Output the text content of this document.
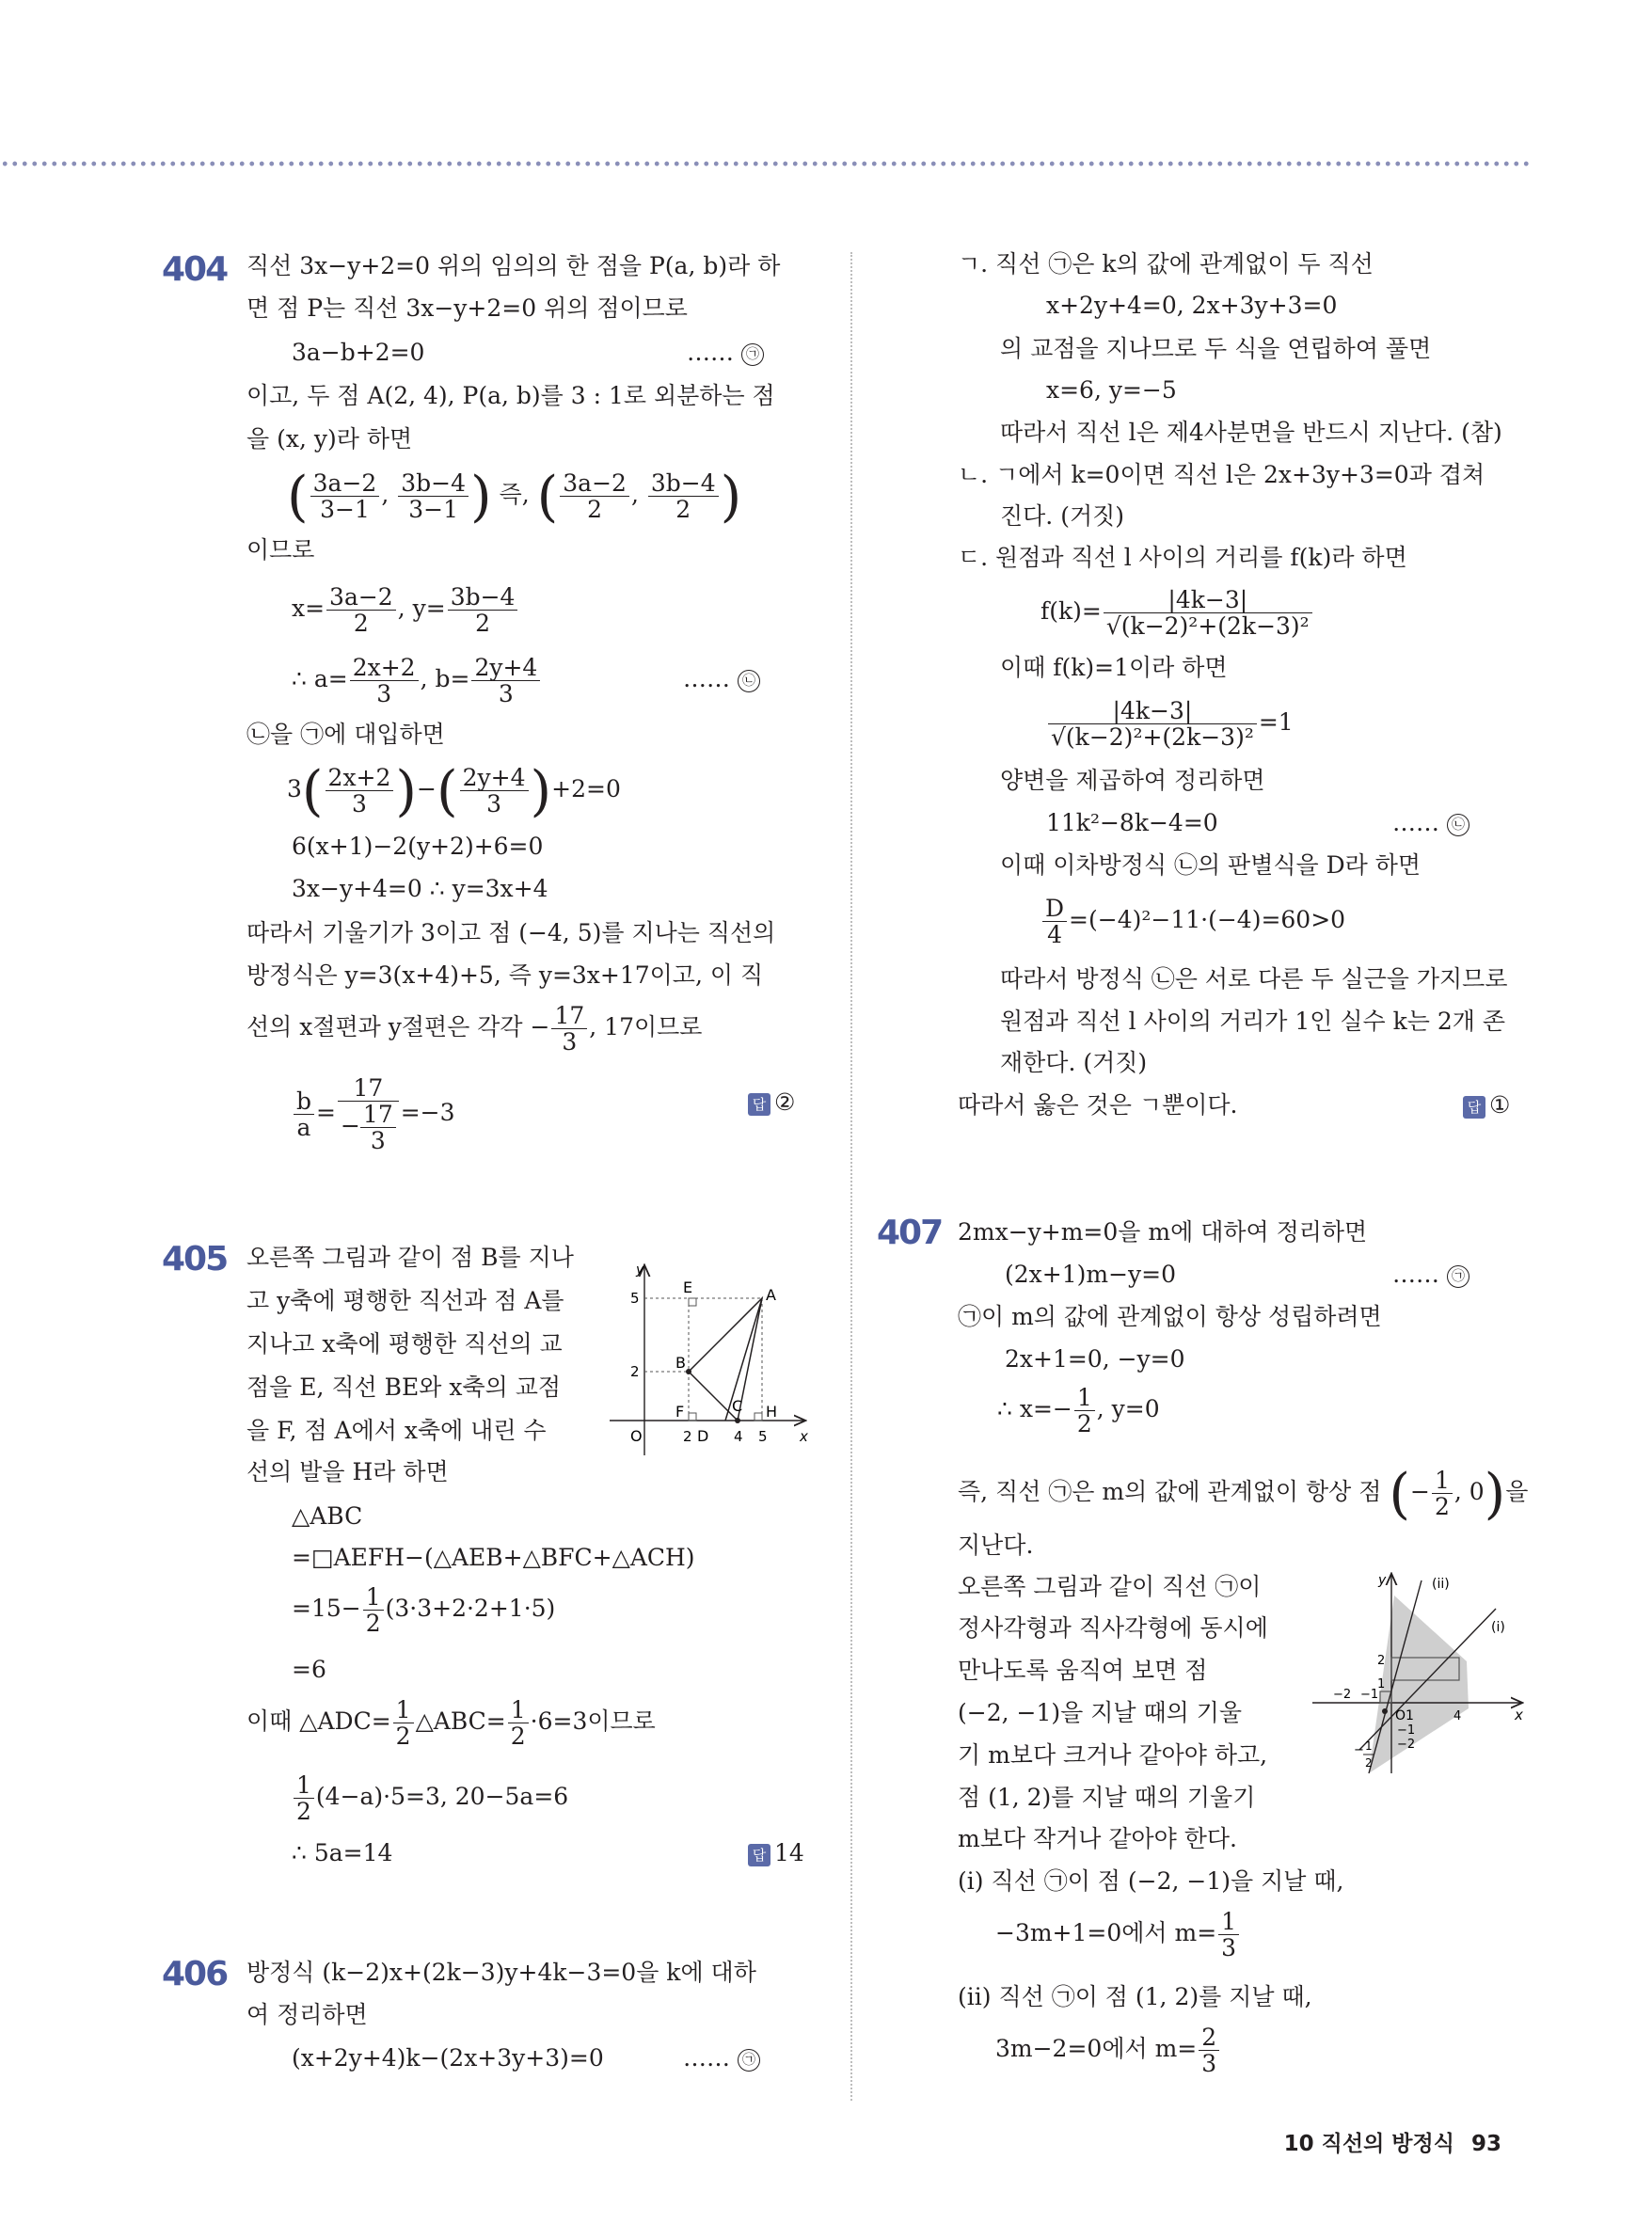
404 직선 3x−y+2=0 위의 임의의 한 점을 P(a, b)라 하
면 점 P는 직선 3x−y+2=0 위의 점이므로
3a−b+2=0	…… ㉠
이고, 두 점 A(2, 4), P(a, b)를 3 : 1로 외분하는 점
을 (x, y)라 하면
( $\frac{3a-2}{3-1}$ , $\frac{3b-4}{3-1}$ ) 즉, ( $\frac{3a-2}{2}$ , $\frac{3b-4}{2}$ )
이므로
$x= \frac{3a-2}{2}$ , $y= \frac{3b-4}{2}$
∴ $a= \frac{2x+2}{3}$ , $b= \frac{2y+4}{3}$	…… ㉡
㉡을 ㉠에 대입하면
$3( \frac{2x+2}{3}$ )−( $\frac{2y+4}{3} )+2=0$
6(x+1)−2(y+2)+6=0
3x−y+4=0 ∴ y=3x+4
따라서 기울기가 3이고 점 (−4, 5)를 지나는 직선의
방정식은 y=3(x+4)+5, 즉 y=3x+17이고, 이 직
선의 x절편과 y절편은 각각 − $\frac{17}{3}$ , 17이므로
$\frac{b}{a} = \frac{17}{- \frac{17}{3}} =-3$	답 ②
405 오른쪽 그림과 같이 점 B를 지나
고 y축에 평행한 직선과 점 A를
지나고 x축에 평행한 직선의 교
점을 E, 직선 BE와 x축의 교점
을 F, 점 A에서 x축에 내린 수
선의 발을 H라 하면
y
x
O
5
2
E	A
B
F	C H
2 D 4 5
△ABC
=□AEFH−(△AEB+△BFC+△ACH)
$=15- \frac{1}{2} (3\cdot 3+2\cdot 2+1\cdot 5)$
=6
이때 △ADC= $\frac{1}{2}$ △ABC= $\frac{1}{2} \cdot 6=3$이므로
$\frac{1}{2} (4-a)\cdot 5=3$, 20−5a=6
∴ 5a=14	답 14
406 방정식 (k−2)x+(2k−3)y+4k−3=0을 k에 대하
여 정리하면
(x+2y+4)k−(2x+3y+3)=0	…… ㉠
ㄱ. 직선 ㉠은 k의 값에 관계없이 두 직선
x+2y+4=0, 2x+3y+3=0
의 교점을 지나므로 두 식을 연립하여 풀면
x=6, y=−5
따라서 직선 l은 제4사분면을 반드시 지난다. (참)
ㄴ. ㄱ에서 k=0이면 직선 l은 2x+3y+3=0과 겹쳐
진다. (거짓)
ㄷ. 원점과 직선 l 사이의 거리를 f(k)라 하면
$f(k)= \frac{|4k-3|}{\text{√(k−2)²+(2k−3)²}}$
이때 f(k)=1이라 하면
$\frac{|4k-3|}{\text{√(k−2)²+(2k−3)²}} =1$
양변을 제곱하여 정리하면
11k²−8k−4=0	…… ㉡
이때 이차방정식 ㉡의 판별식을 D라 하면
$\frac{D}{4} =(-4)^2-11\cdot(-4)=60>0$
따라서 방정식 ㉡은 서로 다른 두 실근을 가지므로
원점과 직선 l 사이의 거리가 1인 실수 k는 2개 존
재한다. (거짓)
따라서 옳은 것은 ㄱ뿐이다.	답 ①
407 2mx−y+m=0을 m에 대하여 정리하면
(2x+1)m−y=0	…… ㉠
㉠이 m의 값에 관계없이 항상 성립하려면
2x+1=0, −y=0
∴ $x=- \frac{1}{2}$ , y=0
즉, 직선 ㉠은 m의 값에 관계없이 항상 점 (− $\frac{1}{2}$ , 0)을
지난다.
오른쪽 그림과 같이 직선 ㉠이
정사각형과 직사각형에 동시에
만나도록 움직여 보면 점
(−2, −1)을 지날 때의 기울
기 m보다 크거나 같아야 하고,
점 (1, 2)를 지날 때의 기울기
m보다 작거나 같아야 한다.
y
x
(ii)
(i)
2
1
−2 −1
O1	4
−1
−2
− 1
2
(i) 직선 ㉠이 점 (−2, −1)을 지날 때,
−3m+1=0에서 $m= \frac{1}{3}$
(ii) 직선 ㉠이 점 (1, 2)를 지날 때,
3m−2=0에서 $m= \frac{2}{3}$
10 직선의 방정식 93
